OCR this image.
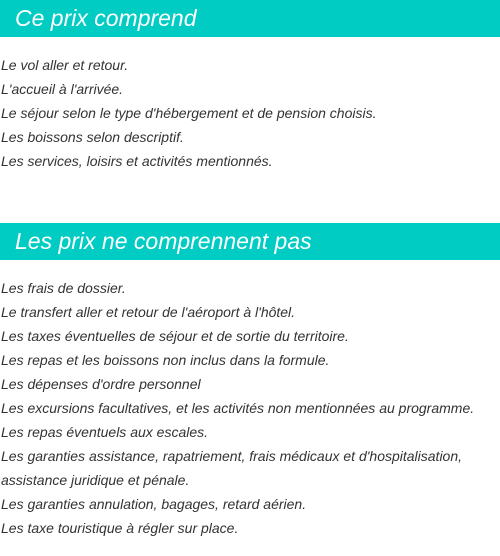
Ce prix comprend
Le vol aller et retour.
L'accueil à l'arrivée.
Le séjour selon le type d'hébergement et de pension choisis.
Les boissons selon descriptif.
Les services, loisirs et activités mentionnés.
Les prix ne comprennent pas
Les frais de dossier.
Le transfert aller et retour de l'aéroport à l'hôtel.
Les taxes éventuelles de séjour et de sortie du territoire.
Les repas et les boissons non inclus dans la formule.
Les dépenses d'ordre personnel
Les excursions facultatives, et les activités non mentionnées au programme.
Les repas éventuels aux escales.
Les garanties assistance, rapatriement, frais médicaux et d'hospitalisation, assistance juridique et pénale.
Les garanties annulation, bagages, retard aérien.
Les taxe touristique à régler sur place.
